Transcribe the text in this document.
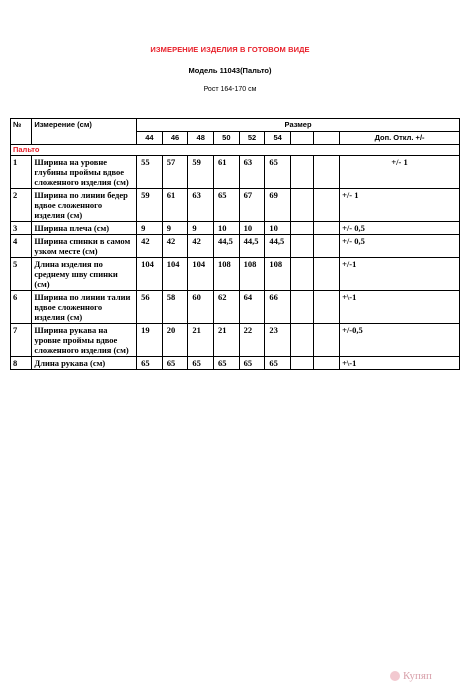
ИЗМЕРЕНИЕ ИЗДЕЛИЯ В ГОТОВОМ ВИДЕ
Модель 11043(Пальто)
Рост 164-170 см
№	Измерение (см)	Размер								
		44	46	48	50	52	54			Доп. Откл. +/-
Пальто										
1	Ширина на уровне глубины проймы вдвое сложенного изделия (см)	55	57	59	61	63	65			+/- 1
2	Ширина по линии бедер вдвое сложенного изделия (см)	59	61	63	65	67	69			+/- 1
3	Ширина плеча (см)	9	9	9	10	10	10			+/- 0,5
4	Ширина спинки в самом узком месте (см)	42	42	42	44,5	44,5	44,5			+/- 0,5
5	Длина изделия по среднему шву спинки (см)	104	104	104	108	108	108			+/-1
6	Ширина по линии талии вдвое сложенного изделия (см)	56	58	60	62	64	66			+\-1
7	Ширина рукава на уровне проймы вдвое сложенного изделия (см)	19	20	21	21	22	23			+/-0,5
8	Длина рукава (см)	65	65	65	65	65	65			+\-1
Купяп
